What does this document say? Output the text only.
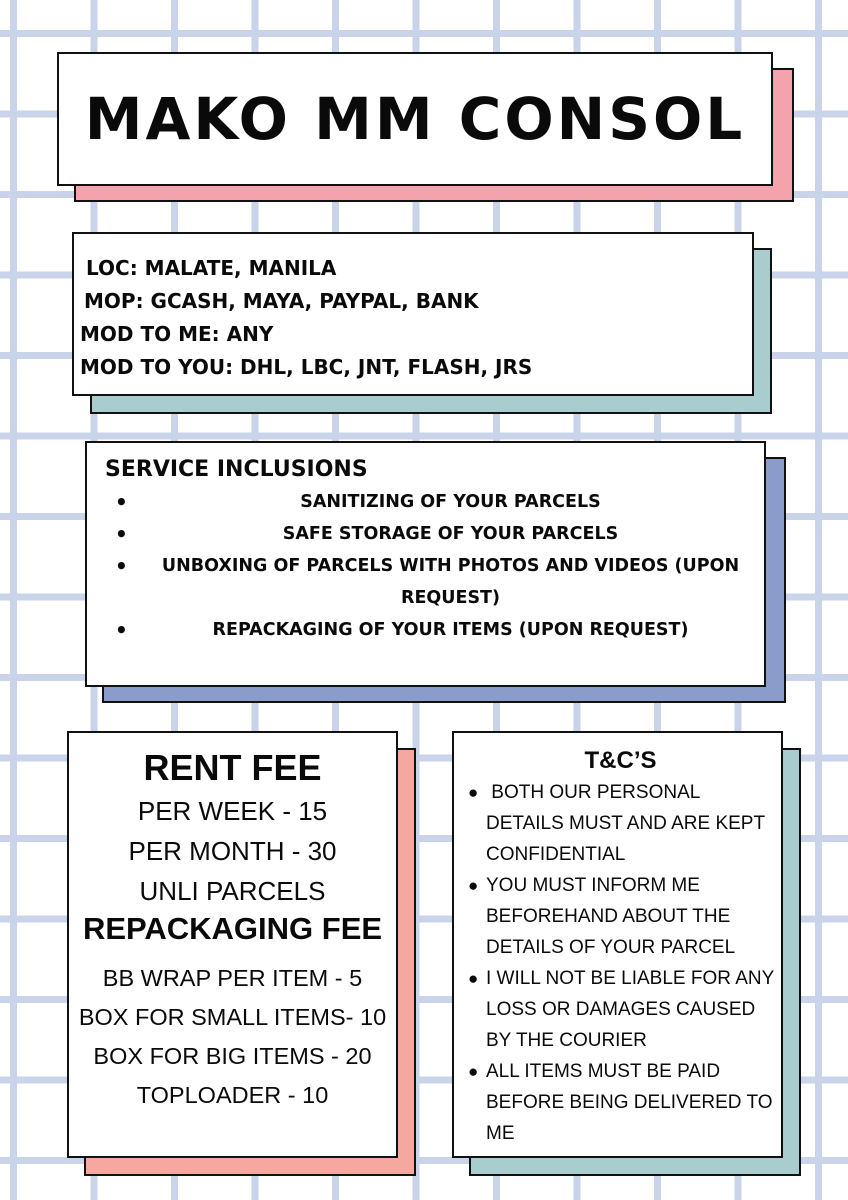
MAKO MM CONSOL

LOC: MALATE, MANILA

MOP: GCASH, MAYA, PAYPAL, BANK

MOD TO ME: ANY

MOD TO YOU: DHL, LBC, JNT, FLASH, JRS

SERVICE INCLUSIONS
•	SANITIZING OF YOUR PARCELS
•	SAFE STORAGE OF YOUR PARCELS
• UNBOXING OF PARCELS WITH PHOTOS AND VIDEOS (UPON REQUEST)
•	REPACKAGING OF YOUR ITEMS (UPON REQUEST)
RENT FEE
PER WEEK - 15
PER MONTH - 30
UNLI PARCELS
REPACKAGING FEE
BB WRAP PER ITEM - 5
BOX FOR SMALL ITEMS- 10
BOX FOR BIG ITEMS - 20
TOPLOADER - 10
T&C’S
● BOTH OUR PERSONAL DETAILS MUST AND ARE KEPT CONFIDENTIAL
● YOU MUST INFORM ME BEFOREHAND ABOUT THE DETAILS OF YOUR PARCEL
● I WILL NOT BE LIABLE FOR ANY LOSS OR DAMAGES CAUSED BY THE COURIER
● ALL ITEMS MUST BE PAID BEFORE BEING DELIVERED TO ME
